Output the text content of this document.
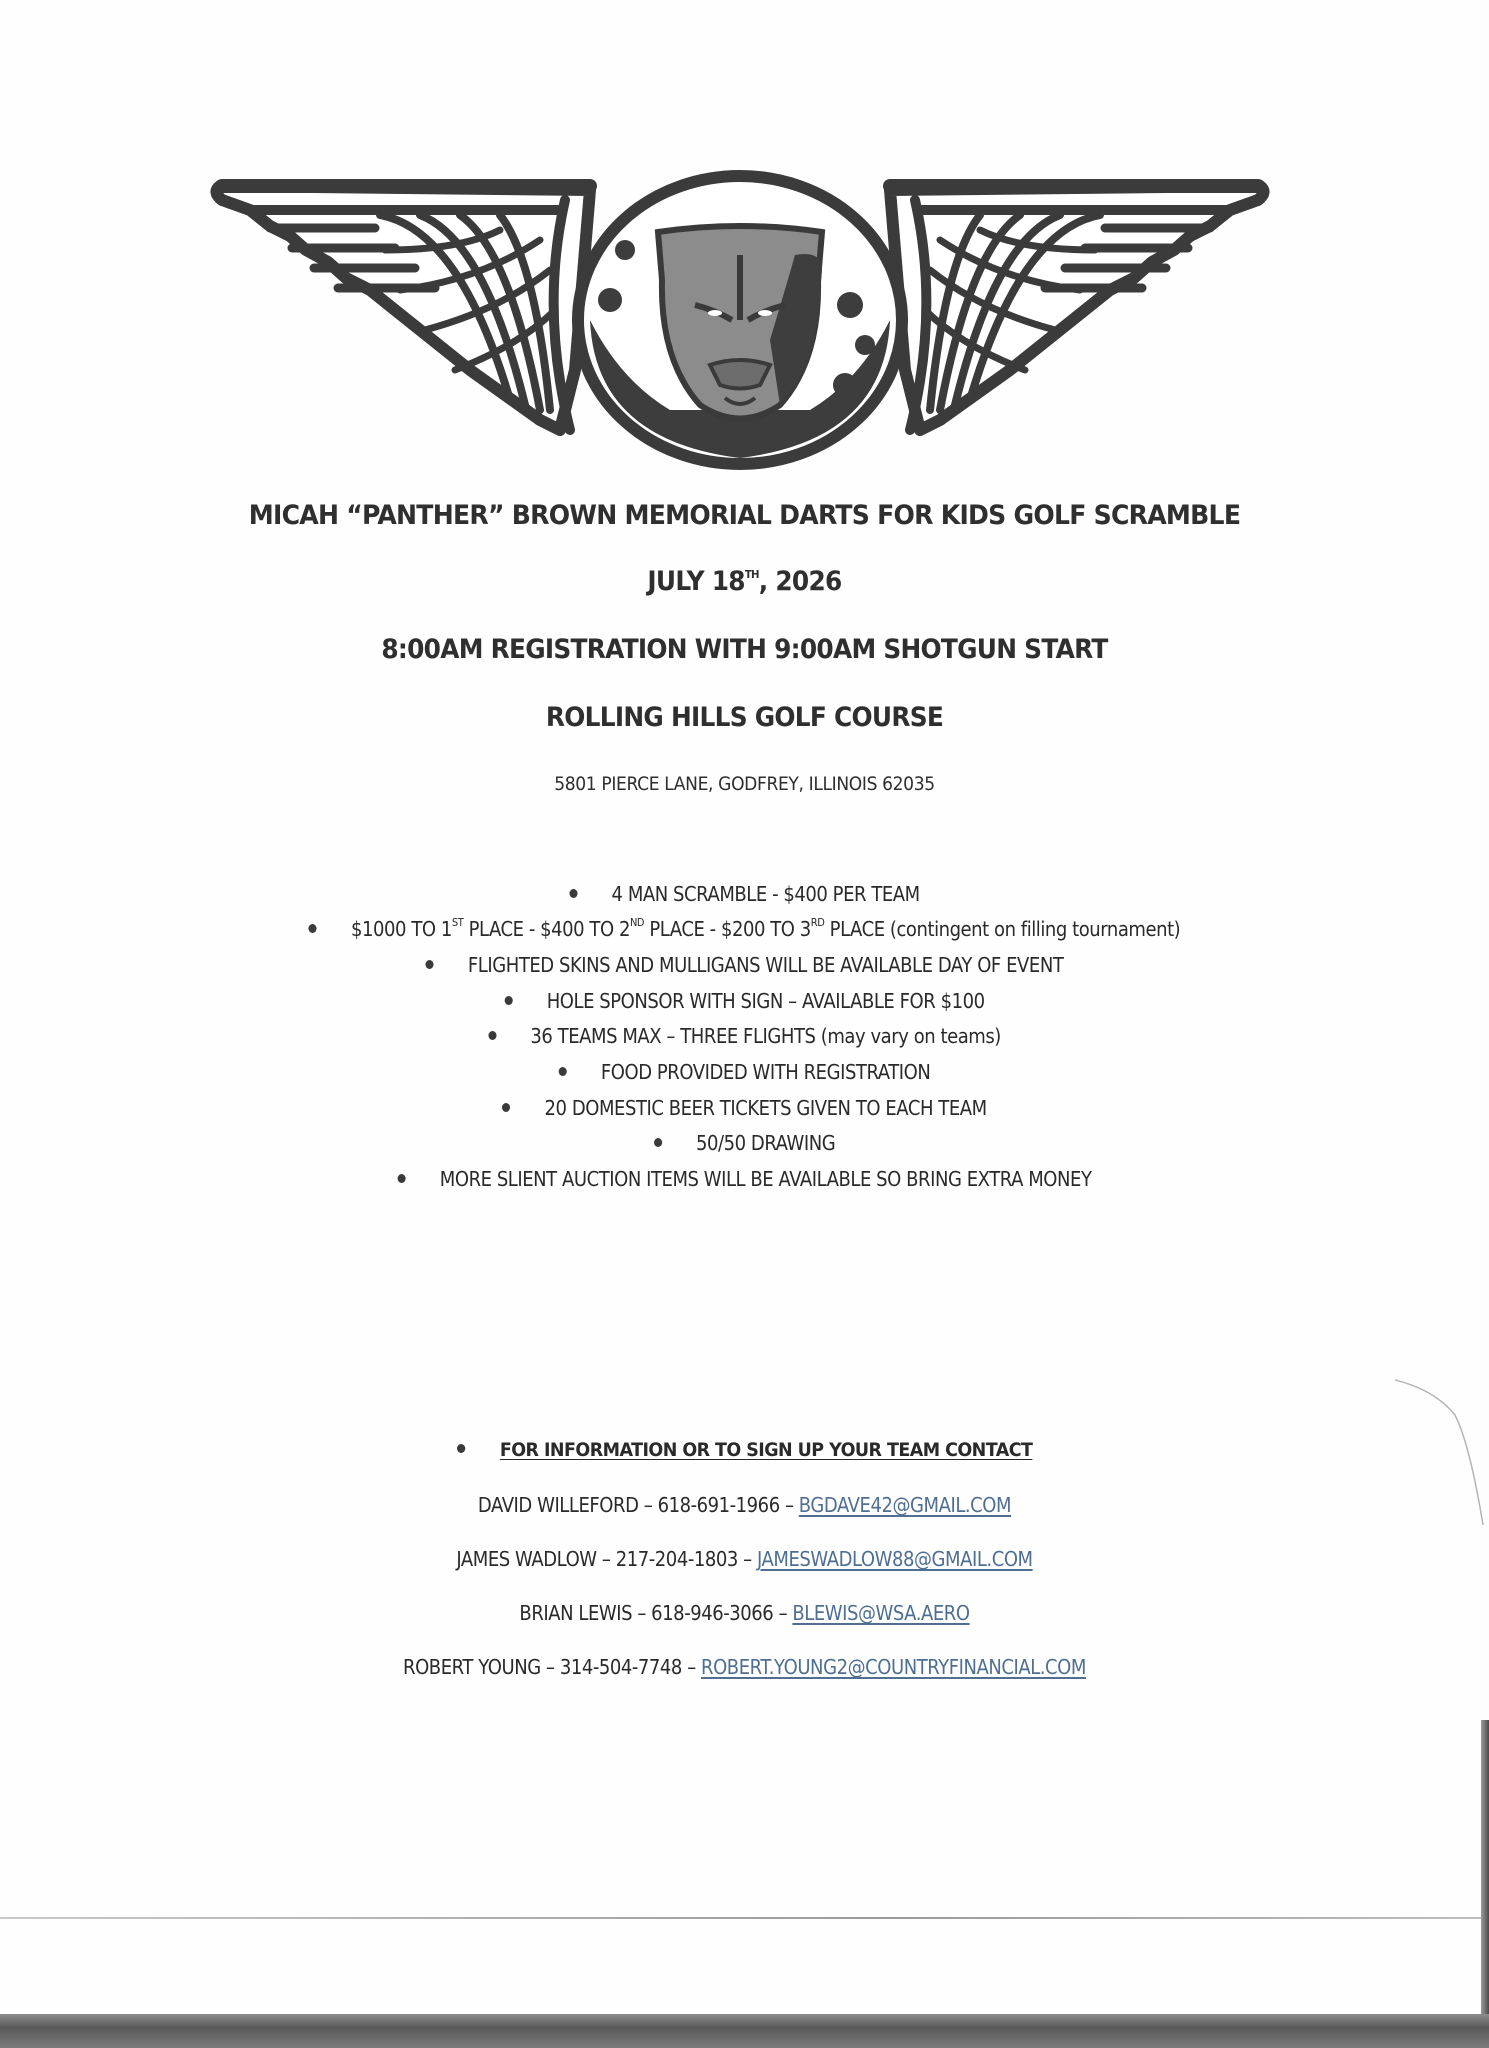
MICAH “PANTHER” BROWN MEMORIAL DARTS FOR KIDS GOLF SCRAMBLE
JULY 18TH, 2026
8:00AM REGISTRATION WITH 9:00AM SHOTGUN START
ROLLING HILLS GOLF COURSE
5801 PIERCE LANE, GODFREY, ILLINOIS 62035
4 MAN SCRAMBLE - $400 PER TEAM
$1000 TO 1ST PLACE - $400 TO 2ND PLACE - $200 TO 3RD PLACE (contingent on filling tournament)
FLIGHTED SKINS AND MULLIGANS WILL BE AVAILABLE DAY OF EVENT
HOLE SPONSOR WITH SIGN – AVAILABLE FOR $100
36 TEAMS MAX – THREE FLIGHTS (may vary on teams)
FOOD PROVIDED WITH REGISTRATION
20 DOMESTIC BEER TICKETS GIVEN TO EACH TEAM
50/50 DRAWING
MORE SLIENT AUCTION ITEMS WILL BE AVAILABLE SO BRING EXTRA MONEY
FOR INFORMATION OR TO SIGN UP YOUR TEAM CONTACT
DAVID WILLEFORD – 618-691-1966 – BGDAVE42@GMAIL.COM
JAMES WADLOW – 217-204-1803 – JAMESWADLOW88@GMAIL.COM
BRIAN LEWIS – 618-946-3066 – BLEWIS@WSA.AERO
ROBERT YOUNG – 314-504-7748 – ROBERT.YOUNG2@COUNTRYFINANCIAL.COM
